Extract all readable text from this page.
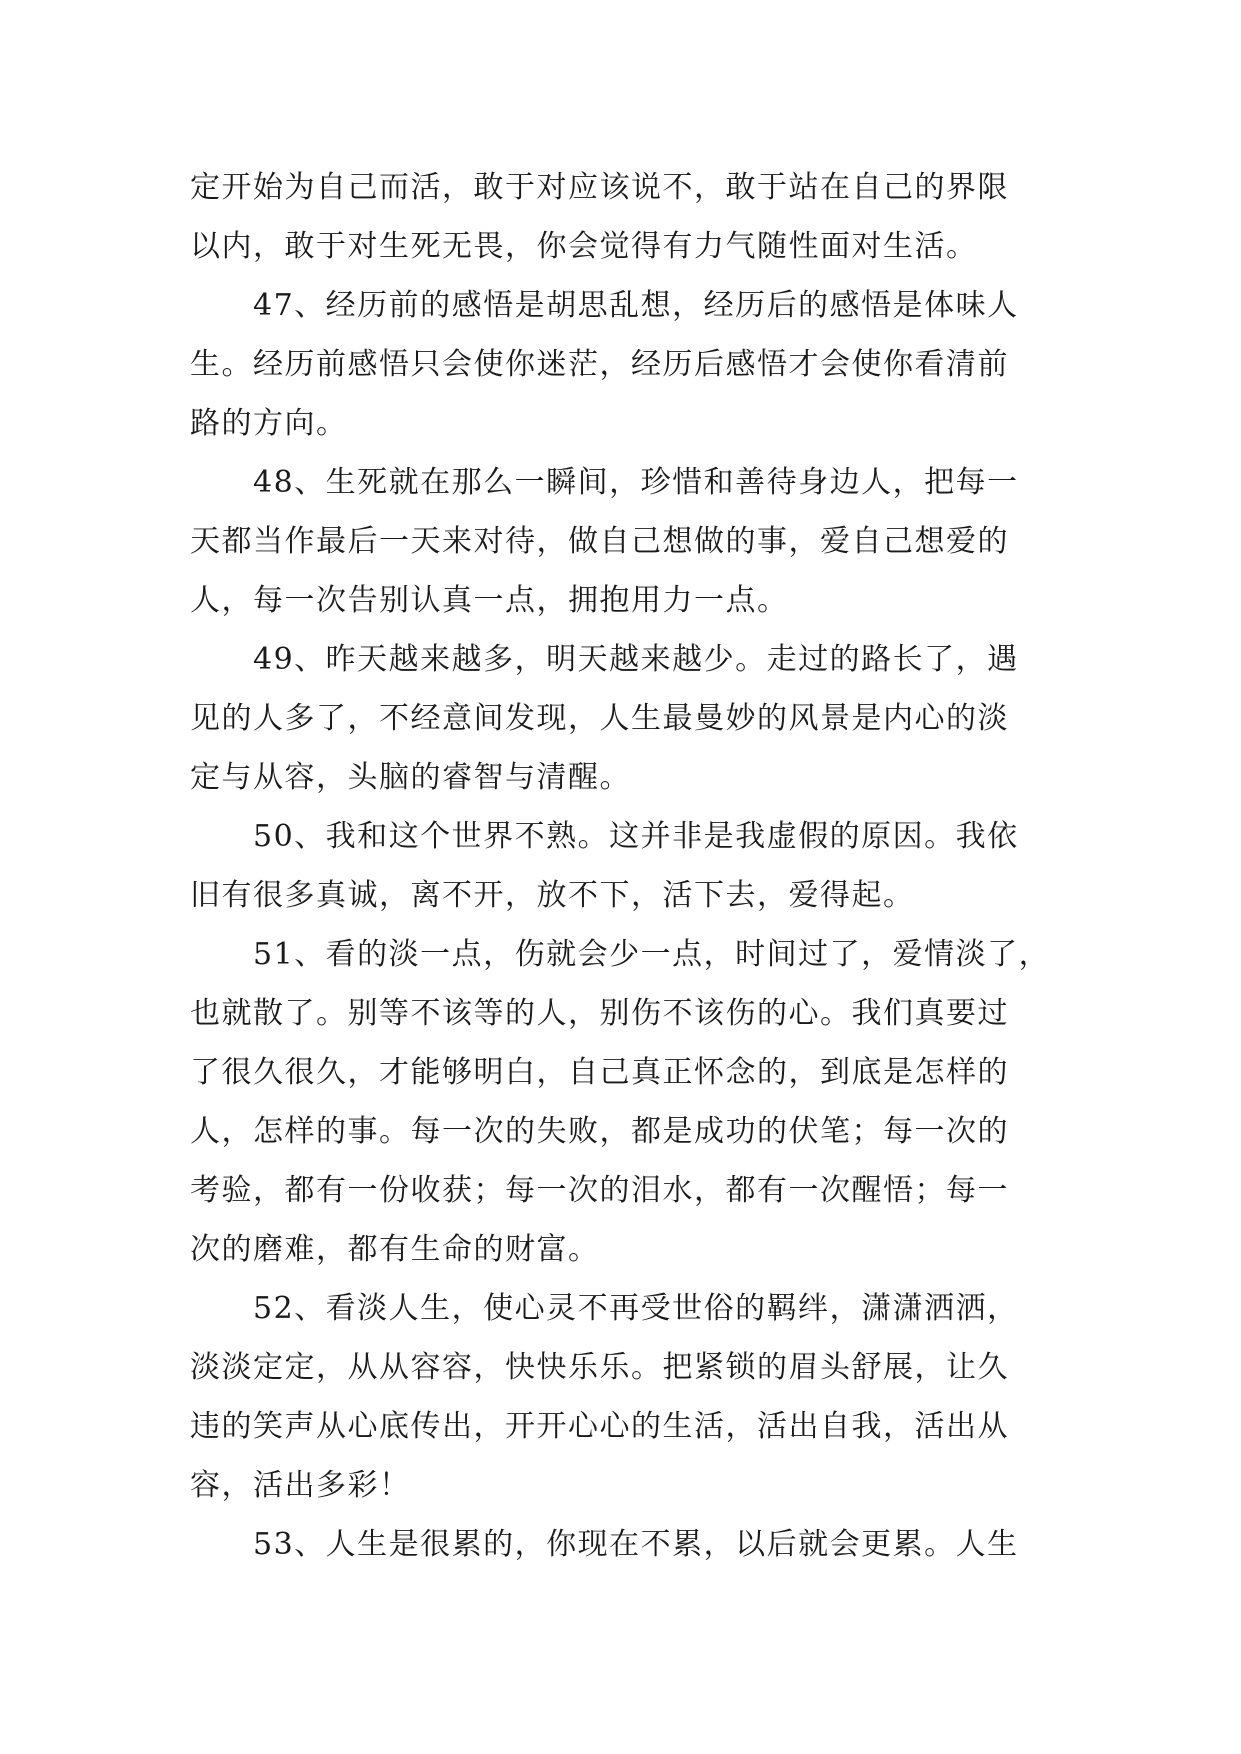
定开始为自己而活，敢于对应该说不，敢于站在自己的界限
以内，敢于对生死无畏，你会觉得有力气随性面对生活。
　　47、经历前的感悟是胡思乱想，经历后的感悟是体味人
生。经历前感悟只会使你迷茫，经历后感悟才会使你看清前
路的方向。
　　48、生死就在那么一瞬间，珍惜和善待身边人，把每一
天都当作最后一天来对待，做自己想做的事，爱自己想爱的
人，每一次告别认真一点，拥抱用力一点。
　　49、昨天越来越多，明天越来越少。走过的路长了，遇
见的人多了，不经意间发现，人生最曼妙的风景是内心的淡
定与从容，头脑的睿智与清醒。
　　50、我和这个世界不熟。这并非是我虚假的原因。我依
旧有很多真诚，离不开，放不下，活下去，爱得起。
　　51、看的淡一点，伤就会少一点，时间过了，爱情淡了，
也就散了。别等不该等的人，别伤不该伤的心。我们真要过
了很久很久，才能够明白，自己真正怀念的，到底是怎样的
人，怎样的事。每一次的失败，都是成功的伏笔；每一次的
考验，都有一份收获；每一次的泪水，都有一次醒悟；每一
次的磨难，都有生命的财富。
　　52、看淡人生，使心灵不再受世俗的羁绊，潇潇洒洒，
淡淡定定，从从容容，快快乐乐。把紧锁的眉头舒展，让久
违的笑声从心底传出，开开心心的生活，活出自我，活出从
容，活出多彩！
　　53、人生是很累的，你现在不累，以后就会更累。人生
